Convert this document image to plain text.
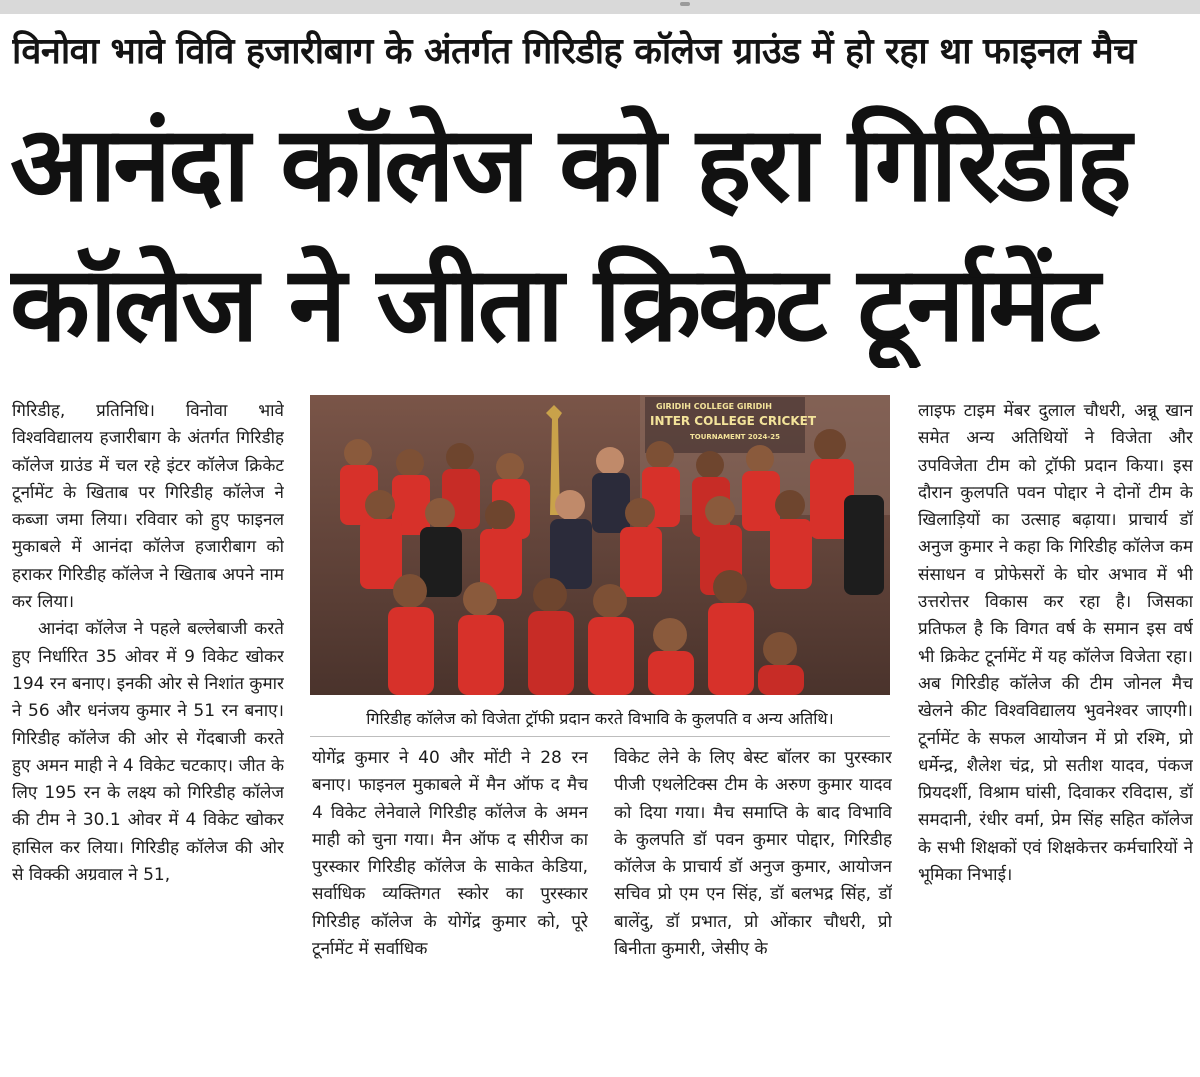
विनोवा भावे विवि हजारीबाग के अंतर्गत गिरिडीह कॉलेज ग्राउंड में हो रहा था फाइनल मैच
आनंदा कॉलेज को हरा गिरिडीह
कॉलेज ने जीता क्रिकेट टूर्नामेंट

गिरिडीह, प्रतिनिधि। विनोवा भावे विश्वविद्यालय हजारीबाग के अंतर्गत गिरिडीह कॉलेज ग्राउंड में चल रहे इंटर कॉलेज क्रिकेट टूर्नामेंट के खिताब पर गिरिडीह कॉलेज ने कब्जा जमा लिया। रविवार को हुए फाइनल मुकाबले में आनंदा कॉलेज हजारीबाग को हराकर गिरिडीह कॉलेज ने खिताब अपने नाम कर लिया।

आनंदा कॉलेज ने पहले बल्लेबाजी करते हुए निर्धारित 35 ओवर में 9 विकेट खोकर 194 रन बनाए। इनकी ओर से निशांत कुमार ने 56 और धनंजय कुमार ने 51 रन बनाए। गिरिडीह कॉलेज की ओर से गेंदबाजी करते हुए अमन माही ने 4 विकेट चटकाए। जीत के लिए 195 रन के लक्ष्य को गिरिडीह कॉलेज की टीम ने 30.1 ओवर में 4 विकेट खोकर हासिल कर लिया। गिरिडीह कॉलेज की ओर से विक्की अग्रवाल ने 51,

GIRIDIH COLLEGE GIRIDIH
INTER COLLEGE CRICKET
TOURNAMENT 2024-25
गिरिडीह कॉलेज को विजेता ट्रॉफी प्रदान करते विभावि के कुलपति व अन्य अतिथि।

योगेंद्र कुमार ने 40 और मोंटी ने 28 रन बनाए। फाइनल मुकाबले में मैन ऑफ द मैच 4 विकेट लेनेवाले गिरिडीह कॉलेज के अमन माही को चुना गया। मैन ऑफ द सीरीज का पुरस्कार गिरिडीह कॉलेज के साकेत केडिया, सर्वाधिक व्यक्तिगत स्कोर का पुरस्कार गिरिडीह कॉलेज के योगेंद्र कुमार को, पूरे टूर्नामेंट में सर्वाधिक

विकेट लेने के लिए बेस्ट बॉलर का पुरस्कार पीजी एथलेटिक्स टीम के अरुण कुमार यादव को दिया गया। मैच समाप्ति के बाद विभावि के कुलपति डॉ पवन कुमार पोद्दार, गिरिडीह कॉलेज के प्राचार्य डॉ अनुज कुमार, आयोजन सचिव प्रो एम एन सिंह, डॉ बलभद्र सिंह, डॉ बालेंदु, डॉ प्रभात, प्रो ओंकार चौधरी, प्रो बिनीता कुमारी, जेसीए के

लाइफ टाइम मेंबर दुलाल चौधरी, अन्नू खान समेत अन्य अतिथियों ने विजेता और उपविजेता टीम को ट्रॉफी प्रदान किया। इस दौरान कुलपति पवन पोद्दार ने दोनों टीम के खिलाड़ियों का उत्साह बढ़ाया। प्राचार्य डॉ अनुज कुमार ने कहा कि गिरिडीह कॉलेज कम संसाधन व प्रोफेसरों के घोर अभाव में भी उत्तरोत्तर विकास कर रहा है। जिसका प्रतिफल है कि विगत वर्ष के समान इस वर्ष भी क्रिकेट टूर्नामेंट में यह कॉलेज विजेता रहा। अब गिरिडीह कॉलेज की टीम जोनल मैच खेलने कीट विश्वविद्यालय भुवनेश्वर जाएगी। टूर्नामेंट के सफल आयोजन में प्रो रश्मि, प्रो धर्मेन्द्र, शैलेश चंद्र, प्रो सतीश यादव, पंकज प्रियदर्शी, विश्राम घांसी, दिवाकर रविदास, डॉ समदानी, रंधीर वर्मा, प्रेम सिंह सहित कॉलेज के सभी शिक्षकों एवं शिक्षकेत्तर कर्मचारियों ने भूमिका निभाई।
